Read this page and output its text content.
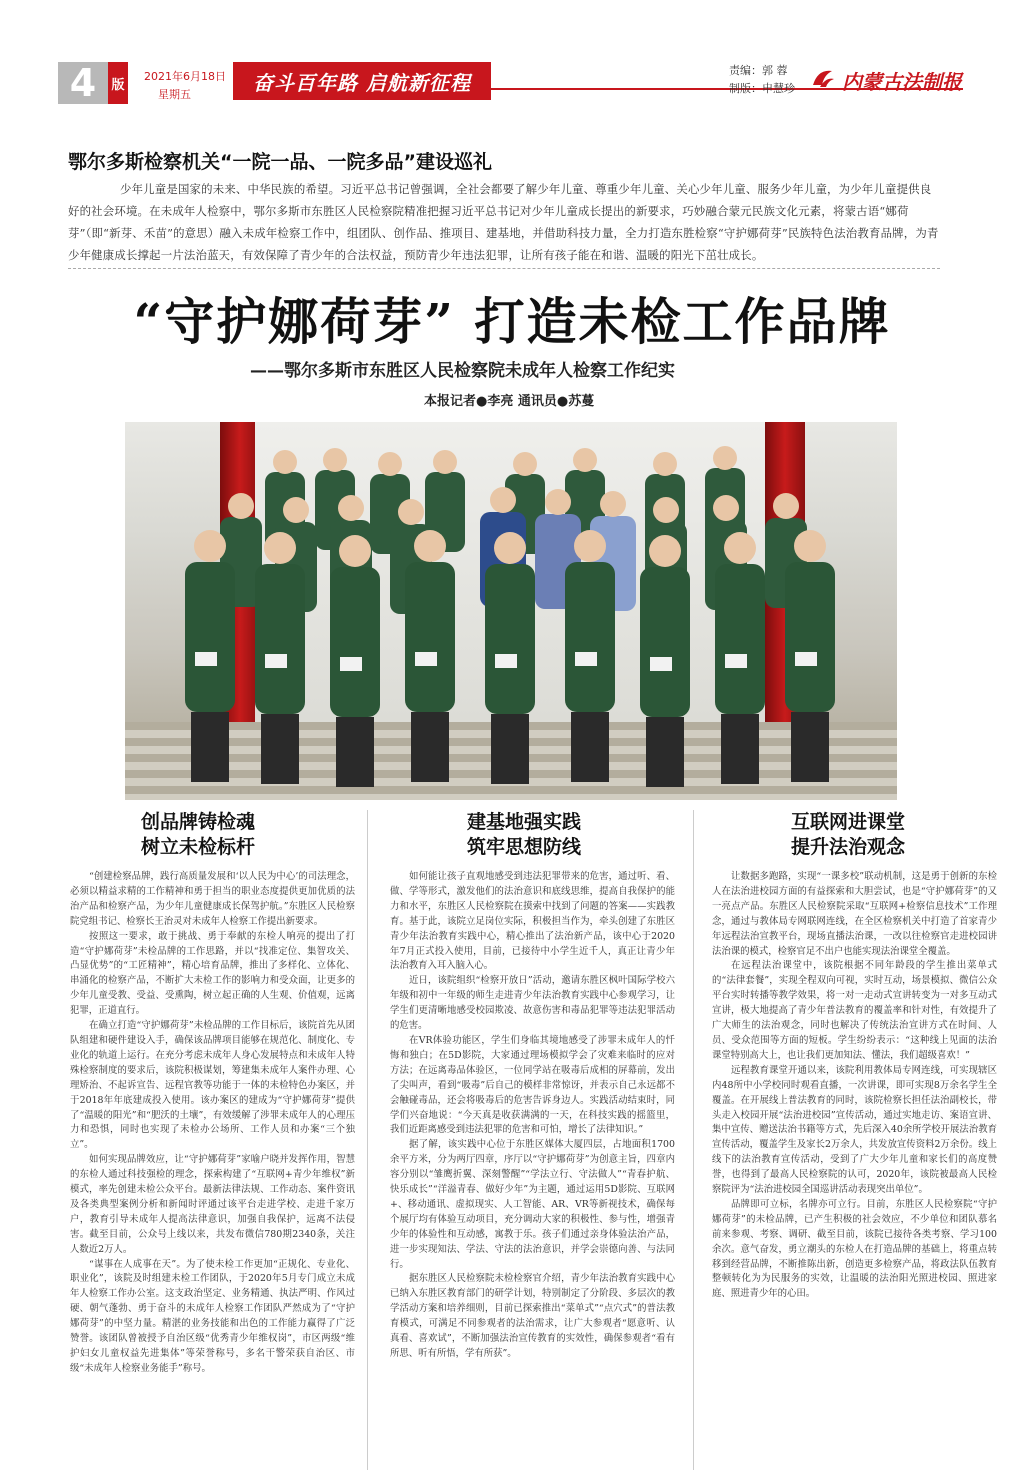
4	版
2021年6月18日
星期五	奋斗百年路 启航新征程	责编：郭 蓉
制版：申慧珍 内蒙古法制报
鄂尔多斯检察机关“一院一品、一院多品”建设巡礼

少年儿童是国家的未来、中华民族的希望。习近平总书记曾强调，全社会都要了解少年儿童、尊重少年儿童、关心少年儿童、服务少年儿童，为少年儿童提供良好的社会环境。在未成年人检察中，鄂尔多斯市东胜区人民检察院精准把握习近平总书记对少年儿童成长提出的新要求，巧妙融合蒙元民族文化元素，将蒙古语“娜荷芽”（即“新芽、禾苗”的意思）融入未成年检察工作中，组团队、创作品、推项目、建基地，并借助科技力量，全力打造东胜检察“守护娜荷芽”民族特色法治教育品牌，为青少年健康成长撑起一片法治蓝天，有效保障了青少年的合法权益，预防青少年违法犯罪，让所有孩子能在和谐、温暖的阳光下茁壮成长。

“守护娜荷芽” 打造未检工作品牌
——鄂尔多斯市东胜区人民检察院未成年人检察工作纪实
本报记者●李亮 通讯员●苏蔓
创品牌铸检魂
树立未检标杆
建基地强实践
筑牢思想防线
互联网进课堂
提升法治观念

“创建检察品牌，践行高质量发展和‘以人民为中心’的司法理念，必须以精益求精的工作精神和勇于担当的职业态度提供更加优质的法治产品和检察产品，为少年儿童健康成长保驾护航。”东胜区人民检察院党组书记、检察长王治灵对未成年人检察工作提出新要求。

按照这一要求，敢于挑战、勇于奉献的东检人响亮的提出了打造“守护娜荷芽”未检品牌的工作思路，并以“找准定位、集智攻关、凸显优势”的“工匠精神”，精心培育品牌，推出了多样化、立体化、串涌化的检察产品，不断扩大未检工作的影响力和受众面，让更多的少年儿童受教、受益、受熏陶，树立起正确的人生观、价值观，远离犯罪，正道直行。

在确立打造“守护娜荷芽”未检品牌的工作目标后，该院首先从团队组建和硬件建设入手，确保该品牌项目能够在规范化、制度化、专业化的轨道上运行。在充分考虑未成年人身心发展特点和未成年人特殊检察制度的要求后，该院积极谋划，筹建集未成年人案件办理、心理矫治、不起诉宣告、远程官教等功能于一体的未检特色办案区，并于2018年年底建成投入使用。该办案区的建成为“守护娜荷芽”提供了“温暖的阳光”和“肥沃的土壤”，有效缓解了涉罪未成年人的心理压力和恐惧，同时也实现了未检办公场所、工作人员和办案“三个独立”。

如何实现品牌效应，让“守护娜荷芽”家喻户晓并发挥作用，智慧的东检人通过科技强检的理念，探索构建了“互联网+青少年维权”新模式，率先创建未检公众平台。最新法律法规、工作动态、案件资讯及各类典型案例分析和新闻时评通过该平台走进学校、走进千家万户，教育引导未成年人提高法律意识，加强自我保护，远离不法侵害。截至目前，公众号上线以来，共发布微信780期2340条，关注人数近2万人。

“谋事在人成事在天”。为了使未检工作更加“正规化、专业化、职业化”，该院及时组建未检工作团队，于2020年5月专门成立未成年人检察工作办公室。这支政治坚定、业务精通、执法严明、作风过硬、朝气蓬勃、勇于奋斗的未成年人检察工作团队严然成为了“守护娜荷芽”的中坚力量。精湛的业务技能和出色的工作能力赢得了广泛赞誉。该团队曾被授予自治区级“优秀青少年维权岗”，市区两级“维护妇女儿童权益先进集体”等荣誉称号，多名干警荣获自治区、市级“未成年人检察业务能手”称号。

如何能让孩子直观地感受到违法犯罪带来的危害，通过听、看、做、学等形式，激发他们的法治意识和底线思维，提高自我保护的能力和水平，东胜区人民检察院在摸索中找到了问题的答案——实践教育。基于此，该院立足岗位实际，积极担当作为，牵头创建了东胜区青少年法治教育实践中心，精心推出了法治新产品，该中心于2020年7月正式投入使用，目前，已接待中小学生近千人，真正让青少年法治教育入耳入脑入心。

近日，该院组织“检察开放日”活动，邀请东胜区枫叶国际学校六年级和初中一年级的师生走进青少年法治教育实践中心参观学习，让学生们更清晰地感受校园欺凌、故意伤害和毒品犯罪等违法犯罪活动的危害。

在VR体验功能区，学生们身临其境地感受了涉罪未成年人的忏悔和独白；在5D影院，大家通过理场模拟学会了灾难来临时的应对方法；在远离毒品体验区，一位同学站在吸毒后成相的屏幕前，发出了尖叫声，看到“吸毒”后自己的模样非常惊讶，并表示自己永远都不会触碰毒品，还会将吸毒后的危害告诉身边人。实践活动结束时，同学们兴奋地说：“今天真是收获满满的一天，在科技实践的摇篮里，我们近距离感受到违法犯罪的危害和可怕，增长了法律知识。”

据了解，该实践中心位于东胜区媒体大厦四层，占地面积1700余平方米，分为两厅四章，序厅以“守护娜荷芽”为创意主旨，四章内容分别以“雏鹰折翼、深刻警醒”“学法立行、守法做人”“青春护航、快乐成长”“洋溢青春、做好少年”为主题，通过运用5D影院、互联网+、移动通讯、虚拟现实、人工智能、AR、VR等新视技术，确保每个展厅均有体验互动项目，充分调动大家的积极性、参与性，增强青少年的体验性和互动感，寓教于乐。孩子们通过亲身体验法治产品，进一步实现知法、学法、守法的法治意识，并学会崇德向善、与法同行。

据东胜区人民检察院未检检察官介绍，青少年法治教育实践中心已纳入东胜区教育部门的研学计划，特别制定了分阶段、多层次的教学活动方案和培养细则，目前已探索推出“菜单式”“点穴式”的普法教育模式，可满足不同参观者的法治需求，让广大参观者“愿意听、认真看、喜欢试”，不断加强法治宣传教育的实效性，确保参观者“看有所思、听有所悟，学有所获”。

让数据多跑路，实现“一课多校”联动机制，这是勇于创新的东检人在法治进校园方面的有益探索和大胆尝试，也是“守护娜荷芽”的又一亮点产品。东胜区人民检察院采取“互联网+检察信息技术”工作理念，通过与教体局专网联网连线，在全区检察机关中打造了首家青少年远程法治宣教平台，现场直播法治课，一改以往检察官走进校园讲法治课的模式，检察官足不出户也能实现法治课堂全覆盖。

在远程法治课堂中，该院根据不同年龄段的学生推出菜单式的“法律套餐”，实现全程双向可视，实时互动，场景模拟、微信公众平台实时转播等教学效果，将一对一走动式宣讲转变为一对多互动式宣讲，极大地提高了青少年普法教育的覆盖率和针对性，有效提升了广大师生的法治观念，同时也解决了传统法治宣讲方式在时间、人员、受众范围等方面的短板。学生纷纷表示：“这种线上见面的法治课堂特别高大上，也让我们更加知法、懂法，我们超级喜欢！”

远程教育课堂开通以来，该院利用教体局专网连线，可实现辖区内48所中小学校同时观看直播，一次讲课，即可实现8万余名学生全覆盖。在开展线上普法教育的同时，该院检察长担任法治副校长，带头走入校园开展“法治进校园”宣传活动，通过实地走访、案语宣讲、集中宣传、赠送法治书籍等方式，先后深入40余所学校开展法治教育宣传活动，覆盖学生及家长2万余人，共发放宣传资料2万余份。线上线下的法治教育宣传活动，受到了广大少年儿童和家长们的高度赞誉，也得到了最高人民检察院的认可，2020年，该院被最高人民检察院评为“法治进校园全国巡讲活动表现突出单位”。

品牌即可立标，名牌亦可立行。目前，东胜区人民检察院“守护娜荷芽”的未检品牌，已产生积极的社会效应，不少单位和团队慕名前来参观、考察、调研、截至目前，该院已接待各类考察、学习100余次。意气奋发，勇立潮头的东检人在打造品牌的基础上，将重点转移到经营品牌，不断推陈出新，创造更多检察产品，将政法队伍教育整顿转化为为民服务的实效，让温暖的法治阳光照进校园、照进家庭、照进青少年的心田。
